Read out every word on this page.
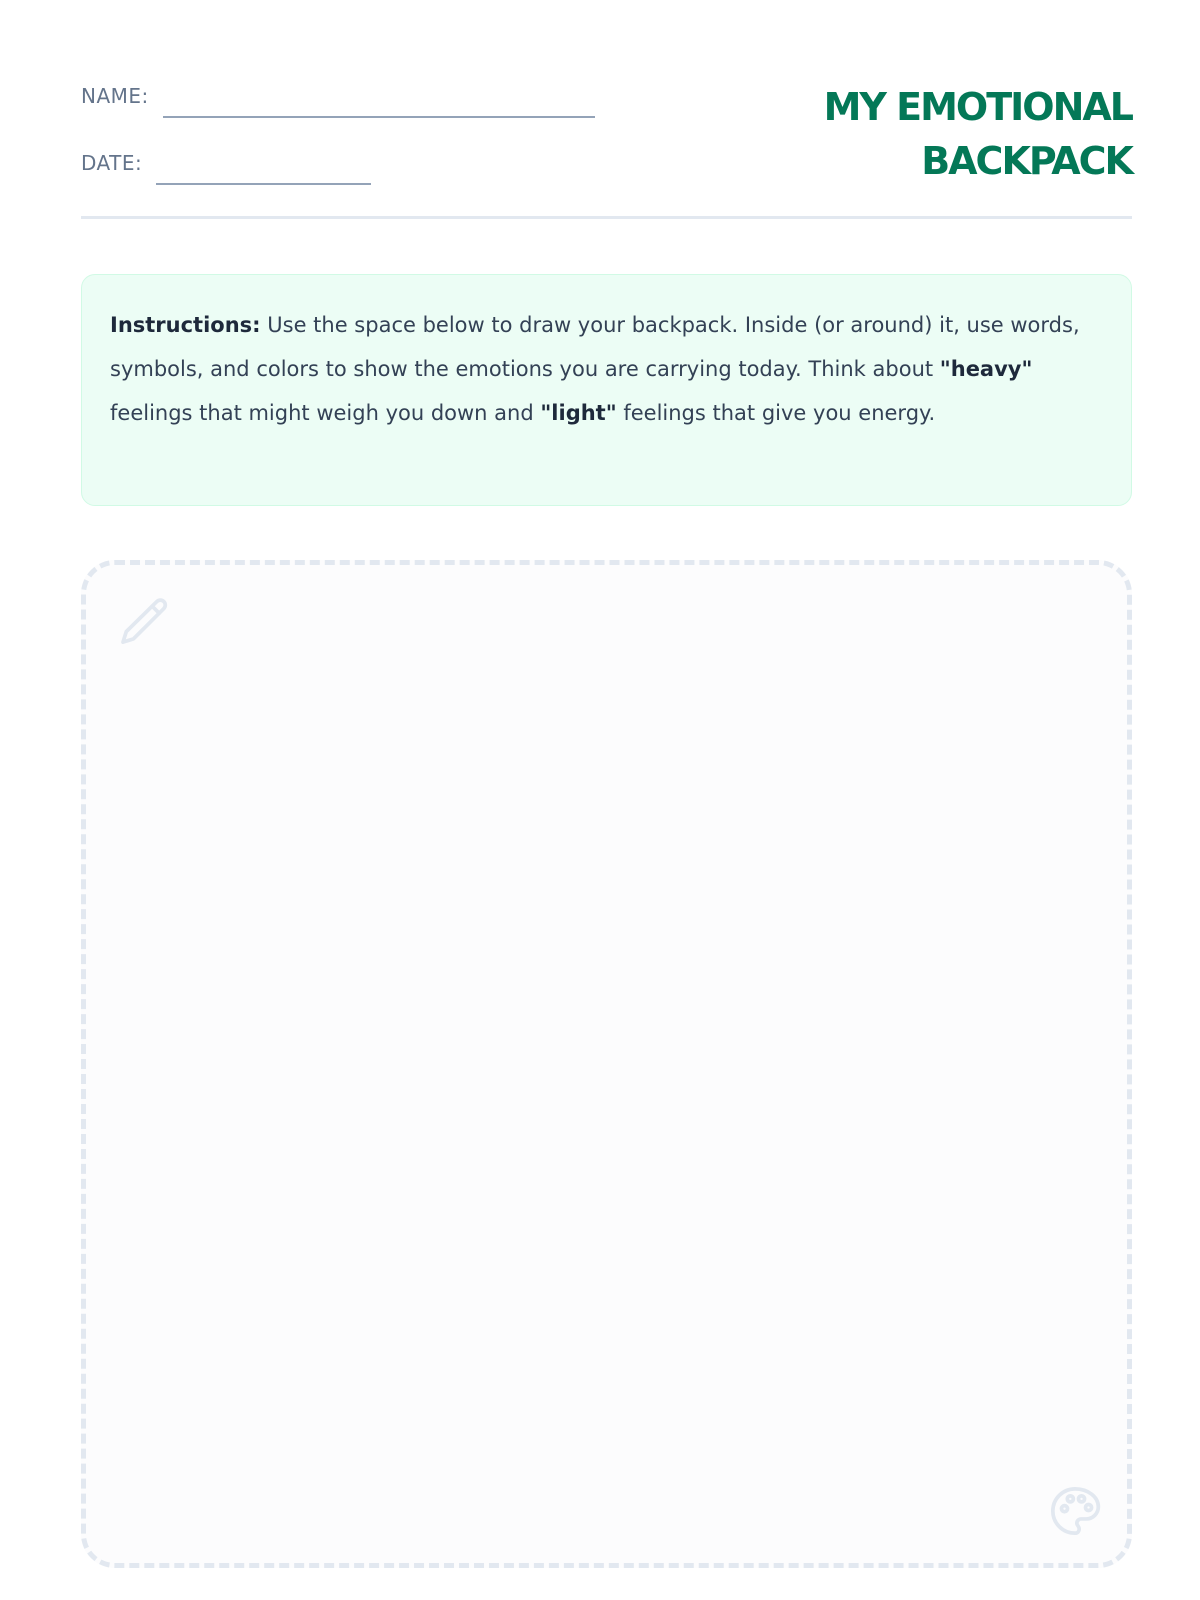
NAME:
DATE:
MY EMOTIONAL
BACKPACK
Instructions: Use the space below to draw your backpack. Inside (or around) it, use words, symbols, and colors to show the emotions you are carrying today. Think about "heavy" feelings that might weigh you down and "light" feelings that give you energy.
